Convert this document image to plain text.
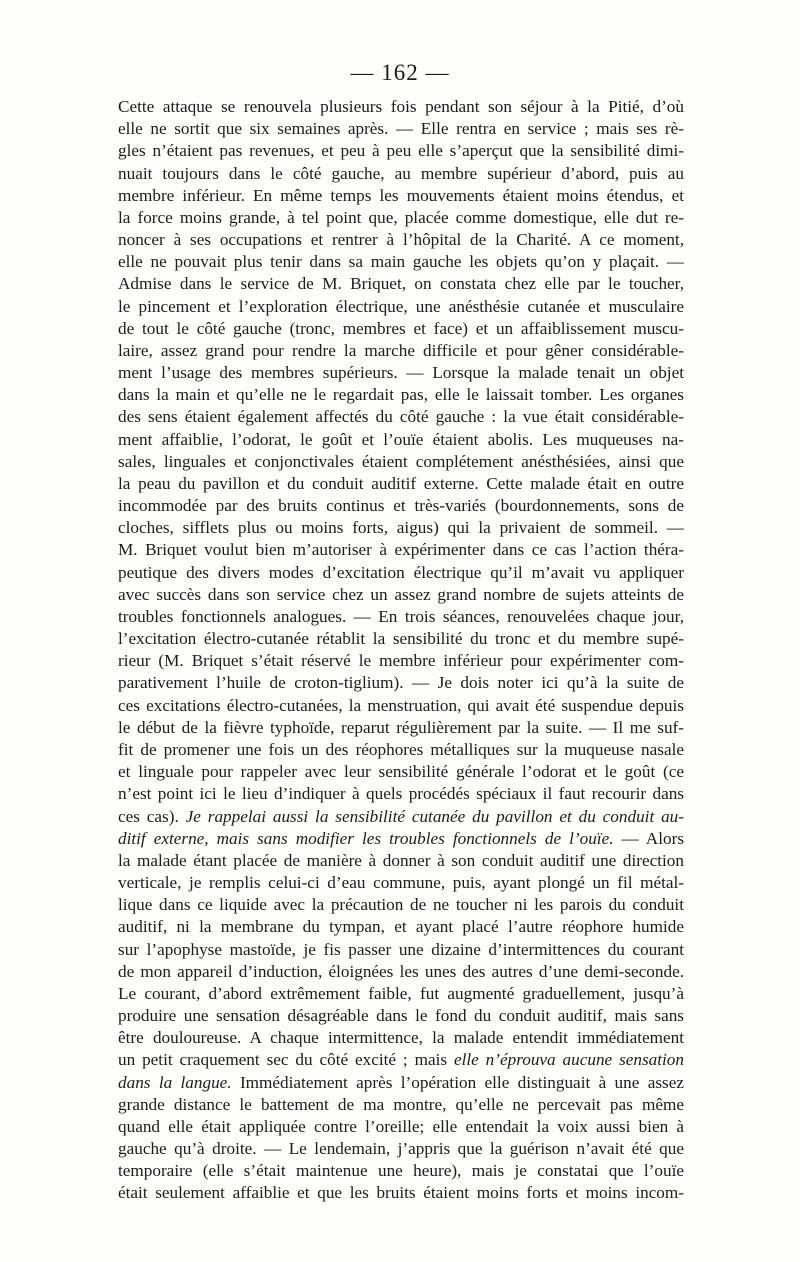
— 162 —
Cette attaque se renouvela plusieurs fois pendant son séjour à la Pitié, d’où
elle ne sortit que six semaines après. — Elle rentra en service ; mais ses rè-
gles n’étaient pas revenues, et peu à peu elle s’aperçut que la sensibilité dimi-
nuait toujours dans le côté gauche, au membre supérieur d’abord, puis au
membre inférieur. En même temps les mouvements étaient moins étendus, et
la force moins grande, à tel point que, placée comme domestique, elle dut re-
noncer à ses occupations et rentrer à l’hôpital de la Charité. A ce moment,
elle ne pouvait plus tenir dans sa main gauche les objets qu’on y plaçait. —
Admise dans le service de M. Briquet, on constata chez elle par le toucher,
le pincement et l’exploration électrique, une anésthésie cutanée et musculaire
de tout le côté gauche (tronc, membres et face) et un affaiblissement muscu-
laire, assez grand pour rendre la marche difficile et pour gêner considérable-
ment l’usage des membres supérieurs. — Lorsque la malade tenait un objet
dans la main et qu’elle ne le regardait pas, elle le laissait tomber. Les organes
des sens étaient également affectés du côté gauche : la vue était considérable-
ment affaiblie, l’odorat, le goût et l’ouïe étaient abolis. Les muqueuses na-
sales, linguales et conjonctivales étaient complétement anésthésiées, ainsi que
la peau du pavillon et du conduit auditif externe. Cette malade était en outre
incommodée par des bruits continus et très-variés (bourdonnements, sons de
cloches, sifflets plus ou moins forts, aigus) qui la privaient de sommeil. —
M. Briquet voulut bien m’autoriser à expérimenter dans ce cas l’action théra-
peutique des divers modes d’excitation électrique qu’il m’avait vu appliquer
avec succès dans son service chez un assez grand nombre de sujets atteints de
troubles fonctionnels analogues. — En trois séances, renouvelées chaque jour,
l’excitation électro-cutanée rétablit la sensibilité du tronc et du membre supé-
rieur (M. Briquet s’était réservé le membre inférieur pour expérimenter com-
parativement l’huile de croton-tiglium). — Je dois noter ici qu’à la suite de
ces excitations électro-cutanées, la menstruation, qui avait été suspendue depuis
le début de la fièvre typhoïde, reparut régulièrement par la suite. — Il me suf-
fit de promener une fois un des réophores métalliques sur la muqueuse nasale
et linguale pour rappeler avec leur sensibilité générale l’odorat et le goût (ce
n’est point ici le lieu d’indiquer à quels procédés spéciaux il faut recourir dans
ces cas). Je rappelai aussi la sensibilité cutanée du pavillon et du conduit au-
ditif externe, mais sans modifier les troubles fonctionnels de l’ouïe. — Alors
la malade étant placée de manière à donner à son conduit auditif une direction
verticale, je remplis celui-ci d’eau commune, puis, ayant plongé un fil métal-
lique dans ce liquide avec la précaution de ne toucher ni les parois du conduit
auditif, ni la membrane du tympan, et ayant placé l’autre réophore humide
sur l’apophyse mastoïde, je fis passer une dizaine d’intermittences du courant
de mon appareil d’induction, éloignées les unes des autres d’une demi-seconde.
Le courant, d’abord extrêmement faible, fut augmenté graduellement, jusqu’à
produire une sensation désagréable dans le fond du conduit auditif, mais sans
être douloureuse. A chaque intermittence, la malade entendit immédiatement
un petit craquement sec du côté excité ; mais elle n’éprouva aucune sensation
dans la langue. Immédiatement après l’opération elle distinguait à une assez
grande distance le battement de ma montre, qu’elle ne percevait pas même
quand elle était appliquée contre l’oreille; elle entendait la voix aussi bien à
gauche qu’à droite. — Le lendemain, j’appris que la guérison n’avait été que
temporaire (elle s’était maintenue une heure), mais je constatai que l’ouïe
était seulement affaiblie et que les bruits étaient moins forts et moins incom-
